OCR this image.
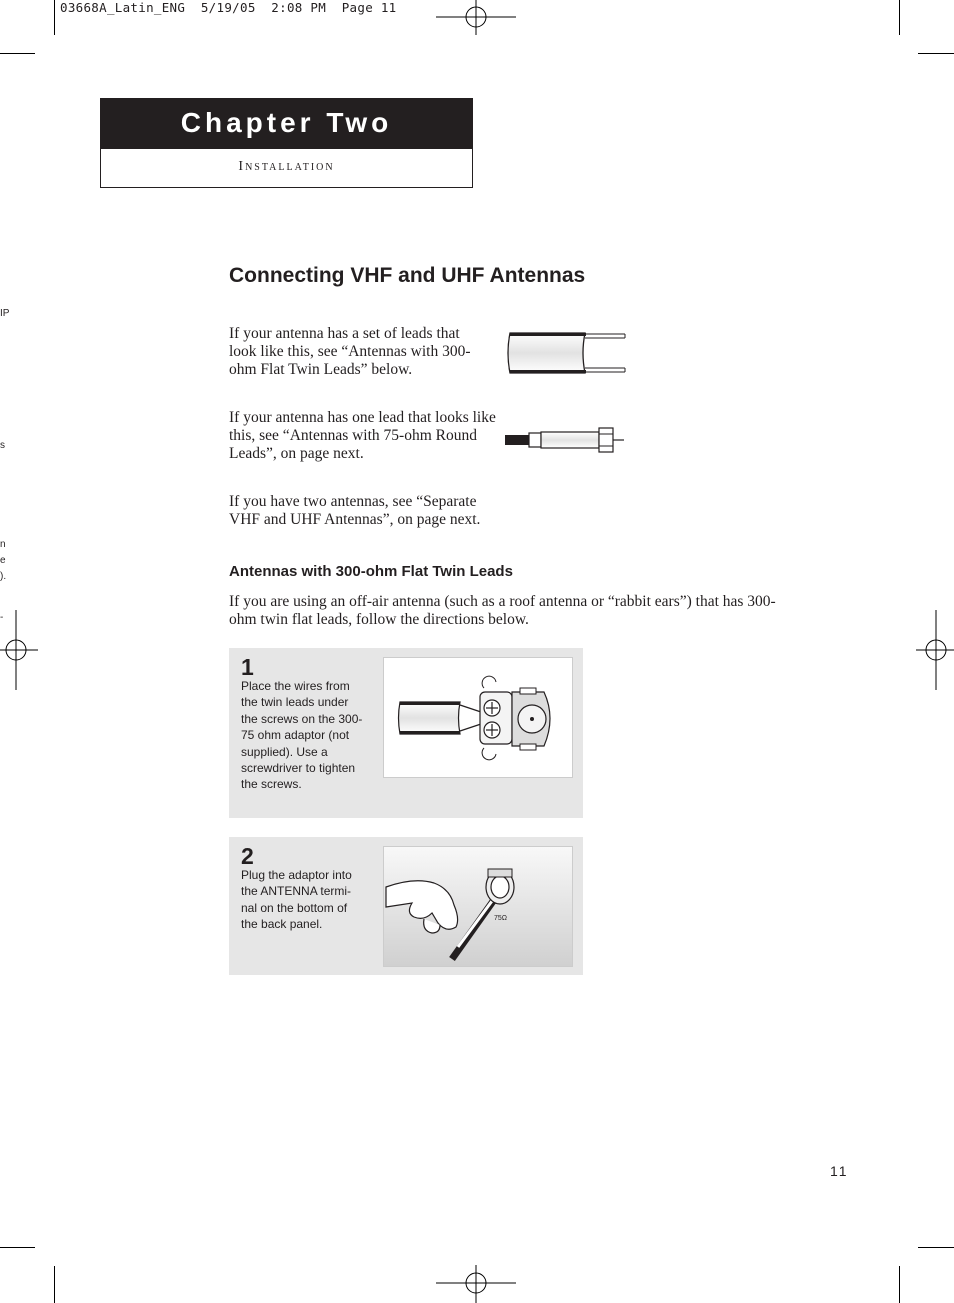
03668A_Latin_ENG  5/19/05  2:08 PM  Page 11
IP
s
n
e
).
-
Chapter Two
Installation
Connecting VHF and UHF Antennas
If your antenna has a set of leads that look like this, see “Antennas with 300-ohm Flat Twin Leads” below.
If your antenna has one lead that looks like this, see “Antennas with 75-ohm Round Leads”, on page next.
If you have two antennas, see “Separate VHF and UHF Antennas”, on page next.
Antennas with 300-ohm Flat Twin Leads
If you are using an off-air antenna (such as a roof antenna or “rabbit ears”) that has 300-ohm twin flat leads, follow the directions below.
1
Place the wires from the twin leads under the screws on the 300-75 ohm adaptor (not supplied). Use a screwdriver to tighten the screws.
2
Plug the adaptor into the ANTENNA termi-nal on the bottom of the back panel.	75Ω
11
